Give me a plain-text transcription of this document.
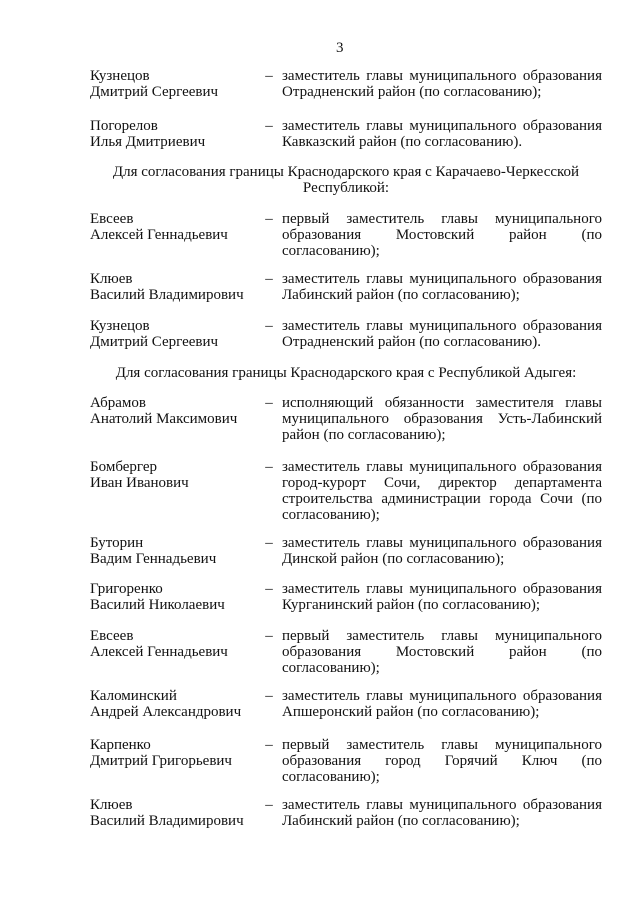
3
Кузнецов
Дмитрий Сергеевич
– заместитель главы муниципального образования Отрадненский район (по согласованию);
Погорелов
Илья Дмитриевич
– заместитель главы муниципального образования Кавказский район (по согласованию).
Для согласования границы Краснодарского края с Карачаево-Черкесской Республикой:
Евсеев
Алексей Геннадьевич
– первый заместитель главы муниципального образования Мостовский район (по согласованию);
Клюев
Василий Владимирович
– заместитель главы муниципального образования Лабинский район (по согласованию);
Кузнецов
Дмитрий Сергеевич
– заместитель главы муниципального образования Отрадненский район (по согласованию).
Для согласования границы Краснодарского края с Республикой Адыгея:
Абрамов
Анатолий Максимович
– исполняющий обязанности заместителя главы муниципального образования Усть-Лабинский район (по согласованию);
Бомбергер
Иван Иванович
– заместитель главы муниципального образования город-курорт Сочи, директор департамента строительства администрации города Сочи (по согласованию);
Буторин
Вадим Геннадьевич
– заместитель главы муниципального образования Динской район (по согласованию);
Григоренко
Василий Николаевич
– заместитель главы муниципального образования Курганинский район (по согласованию);
Евсеев
Алексей Геннадьевич
– первый заместитель главы муниципального образования Мостовский район (по согласованию);
Каломинский
Андрей Александрович
– заместитель главы муниципального образования Апшеронский район (по согласованию);
Карпенко
Дмитрий Григорьевич
– первый заместитель главы муниципального образования город Горячий Ключ (по согласованию);
Клюев
Василий Владимирович
– заместитель главы муниципального образования Лабинский район (по согласованию);
